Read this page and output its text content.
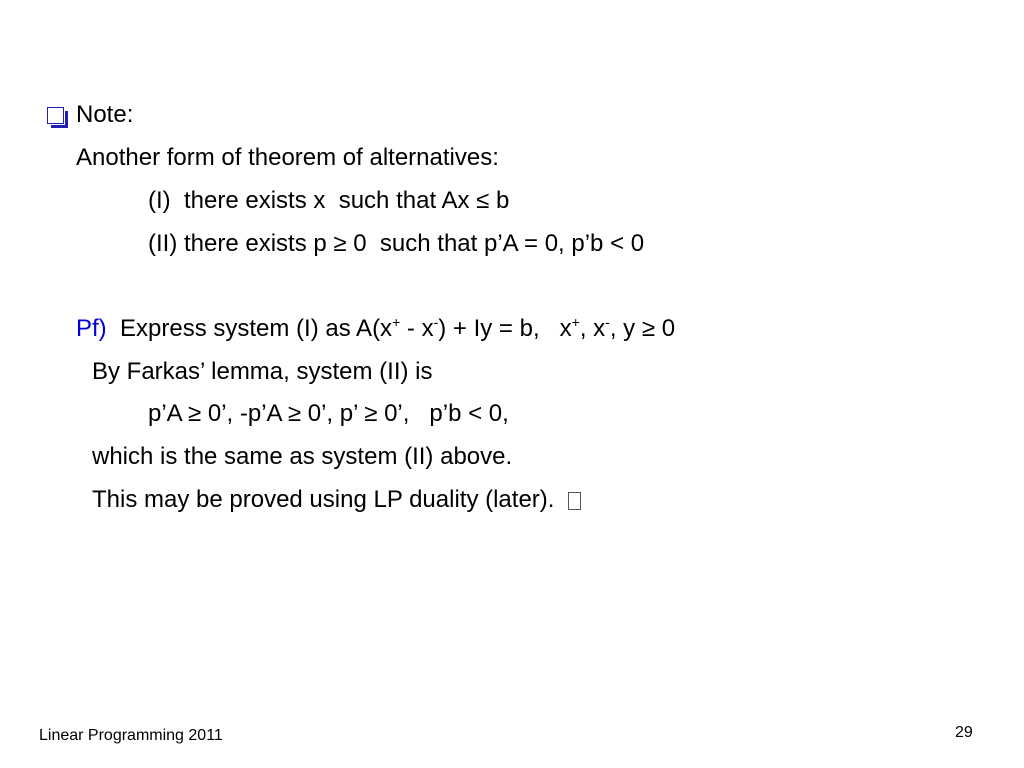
Note:
Another form of theorem of alternatives:
(I)  there exists x  such that Ax ≤ b
(II) there exists p ≥ 0  such that p’A = 0, p’b < 0
Pf)  Express system (I) as A(x+ - x-) + Iy = b,   x+, x-, y ≥ 0
By Farkas’ lemma, system (II) is
p’A ≥ 0’, -p’A ≥ 0’, p’ ≥ 0’,   p’b < 0,
which is the same as system (II) above.
This may be proved using LP duality (later).
Linear Programming 2011	29
